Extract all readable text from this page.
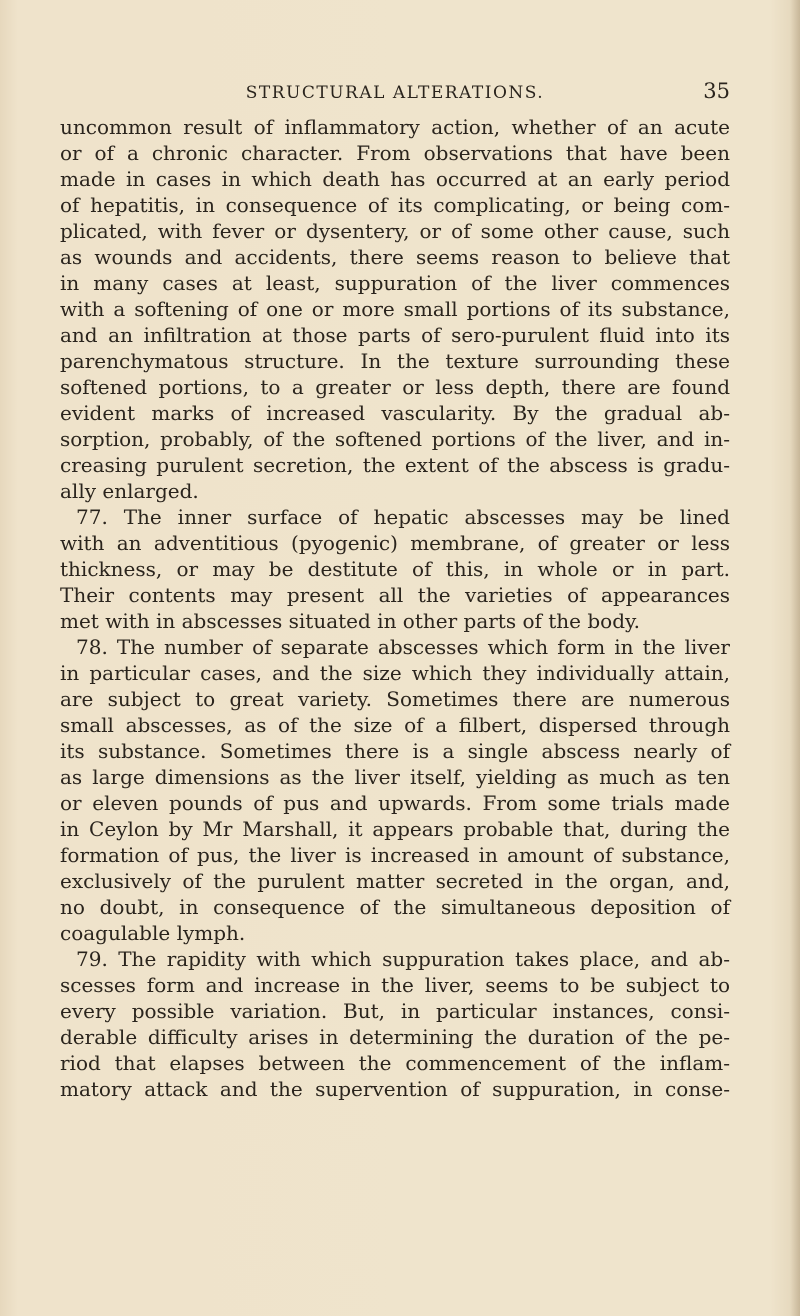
STRUCTURAL ALTERATIONS.	35
uncommon result of inflammatory action, whether of an acute
or of a chronic character. From observations that have been
made in cases in which death has occurred at an early period
of hepatitis, in consequence of its complicating, or being com-
plicated, with fever or dysentery, or of some other cause, such
as wounds and accidents, there seems reason to believe that
in many cases at least, suppuration of the liver commences
with a softening of one or more small portions of its substance,
and an infiltration at those parts of sero-purulent fluid into its
parenchymatous structure. In the texture surrounding these
softened portions, to a greater or less depth, there are found
evident marks of increased vascularity. By the gradual ab-
sorption, probably, of the softened portions of the liver, and in-
creasing purulent secretion, the extent of the abscess is gradu-
ally enlarged.
77. The inner surface of hepatic abscesses may be lined
with an adventitious (pyogenic) membrane, of greater or less
thickness, or may be destitute of this, in whole or in part.
Their contents may present all the varieties of appearances
met with in abscesses situated in other parts of the body.
78. The number of separate abscesses which form in the liver
in particular cases, and the size which they individually attain,
are subject to great variety. Sometimes there are numerous
small abscesses, as of the size of a filbert, dispersed through
its substance. Sometimes there is a single abscess nearly of
as large dimensions as the liver itself, yielding as much as ten
or eleven pounds of pus and upwards. From some trials made
in Ceylon by Mr Marshall, it appears probable that, during the
formation of pus, the liver is increased in amount of substance,
exclusively of the purulent matter secreted in the organ, and,
no doubt, in consequence of the simultaneous deposition of
coagulable lymph.
79. The rapidity with which suppuration takes place, and ab-
scesses form and increase in the liver, seems to be subject to
every possible variation. But, in particular instances, consi-
derable difficulty arises in determining the duration of the pe-
riod that elapses between the commencement of the inflam-
matory attack and the supervention of suppuration, in conse-
